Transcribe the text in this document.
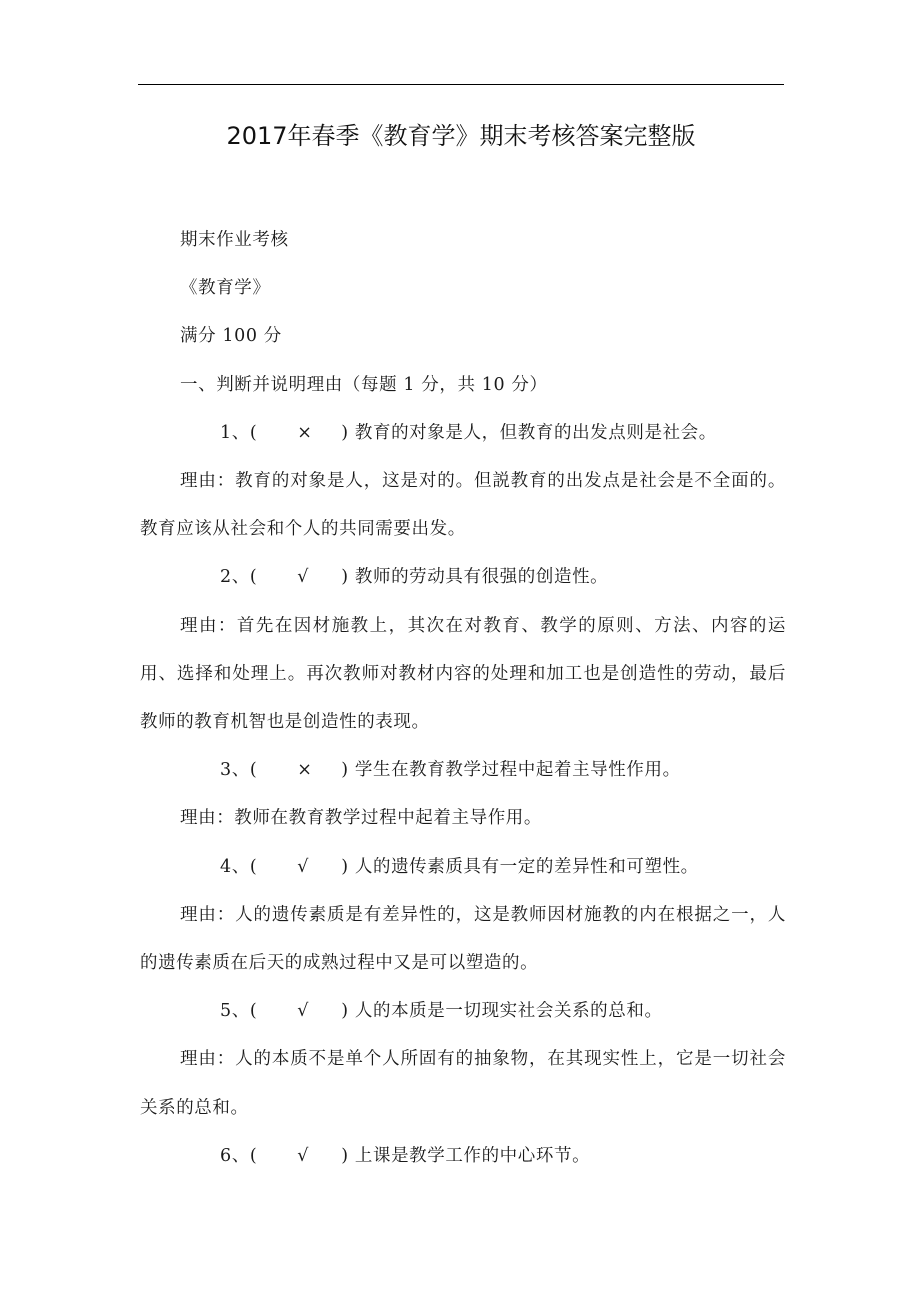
2017年春季《教育学》期末考核答案完整版

期末作业考核

《教育学》

满分 100 分

一、判断并说明理由（每题 1 分，共 10 分）

1、( × ) 教育的对象是人，但教育的出发点则是社会。

理由：教育的对象是人，这是对的。但説教育的出发点是社会是不全面的。教育应该从社会和个人的共同需要出发。

2、( √ ) 教师的劳动具有很强的创造性。

理由：首先在因材施教上，其次在对教育、教学的原则、方法、内容的运用、选择和处理上。再次教师对教材内容的处理和加工也是创造性的劳动，最后教师的教育机智也是创造性的表现。

3、( × ) 学生在教育教学过程中起着主导性作用。

理由：教师在教育教学过程中起着主导作用。

4、( √ ) 人的遗传素质具有一定的差异性和可塑性。

理由：人的遗传素质是有差异性的，这是教师因材施教的内在根据之一，人的遗传素质在后天的成熟过程中又是可以塑造的。

5、( √ ) 人的本质是一切现实社会关系的总和。

理由：人的本质不是单个人所固有的抽象物，在其现实性上，它是一切社会关系的总和。

6、( √ ) 上课是教学工作的中心环节。
